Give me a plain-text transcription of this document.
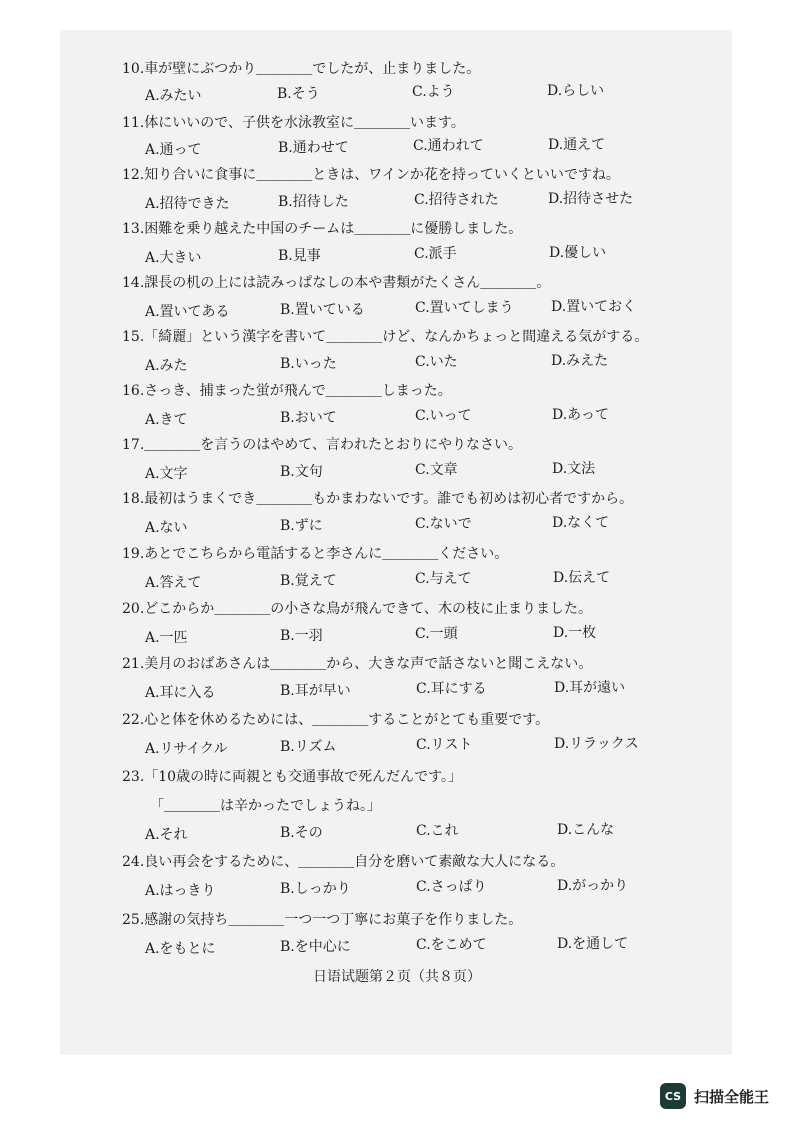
10.車が壁にぶつかり＿＿＿＿でしたが、止まりました。
A.みたい	B.そう	C.よう	D.らしい
11.体にいいので、子供を水泳教室に＿＿＿＿います。
A.通って	B.通わせて	C.通われて	D.通えて
12.知り合いに食事に＿＿＿＿ときは、ワインか花を持っていくといいですね。
A.招待できた	B.招待した	C.招待された	D.招待させた
13.困難を乗り越えた中国のチームは＿＿＿＿に優勝しました。
A.大きい	B.見事	C.派手	D.優しい
14.課長の机の上には読みっぱなしの本や書類がたくさん＿＿＿＿。
A.置いてある	B.置いている	C.置いてしまう	D.置いておく
15.「綺麗」という漢字を書いて＿＿＿＿けど、なんかちょっと間違える気がする。
A.みた	B.いった	C.いた	D.みえた
16.さっき、捕まった蛍が飛んで＿＿＿＿しまった。
A.きて	B.おいて	C.いって	D.あって
17.＿＿＿＿を言うのはやめて、言われたとおりにやりなさい。
A.文字	B.文句	C.文章	D.文法
18.最初はうまくでき＿＿＿＿もかまわないです。誰でも初めは初心者ですから。
A.ない	B.ずに	C.ないで	D.なくて
19.あとでこちらから電話すると李さんに＿＿＿＿ください。
A.答えて	B.覚えて	C.与えて	D.伝えて
20.どこからか＿＿＿＿の小さな鳥が飛んできて、木の枝に止まりました。
A.一匹	B.一羽	C.一頭	D.一枚
21.美月のおばあさんは＿＿＿＿から、大きな声で話さないと聞こえない。
A.耳に入る	B.耳が早い	C.耳にする	D.耳が遠い
22.心と体を休めるためには、＿＿＿＿することがとても重要です。
A.リサイクル	B.リズム	C.リスト	D.リラックス
23.「10歳の時に両親とも交通事故で死んだんです。」
「＿＿＿＿は辛かったでしょうね。」
A.それ	B.その	C.これ	D.こんな
24.良い再会をするために、＿＿＿＿自分を磨いて素敵な大人になる。
A.はっきり	B.しっかり	C.さっぱり	D.がっかり
25.感謝の気持ち＿＿＿＿一つ一つ丁寧にお菓子を作りました。
A.をもとに	B.を中心に	C.をこめて	D.を通して
日语试题第２页（共８页）
CS 扫描全能王
